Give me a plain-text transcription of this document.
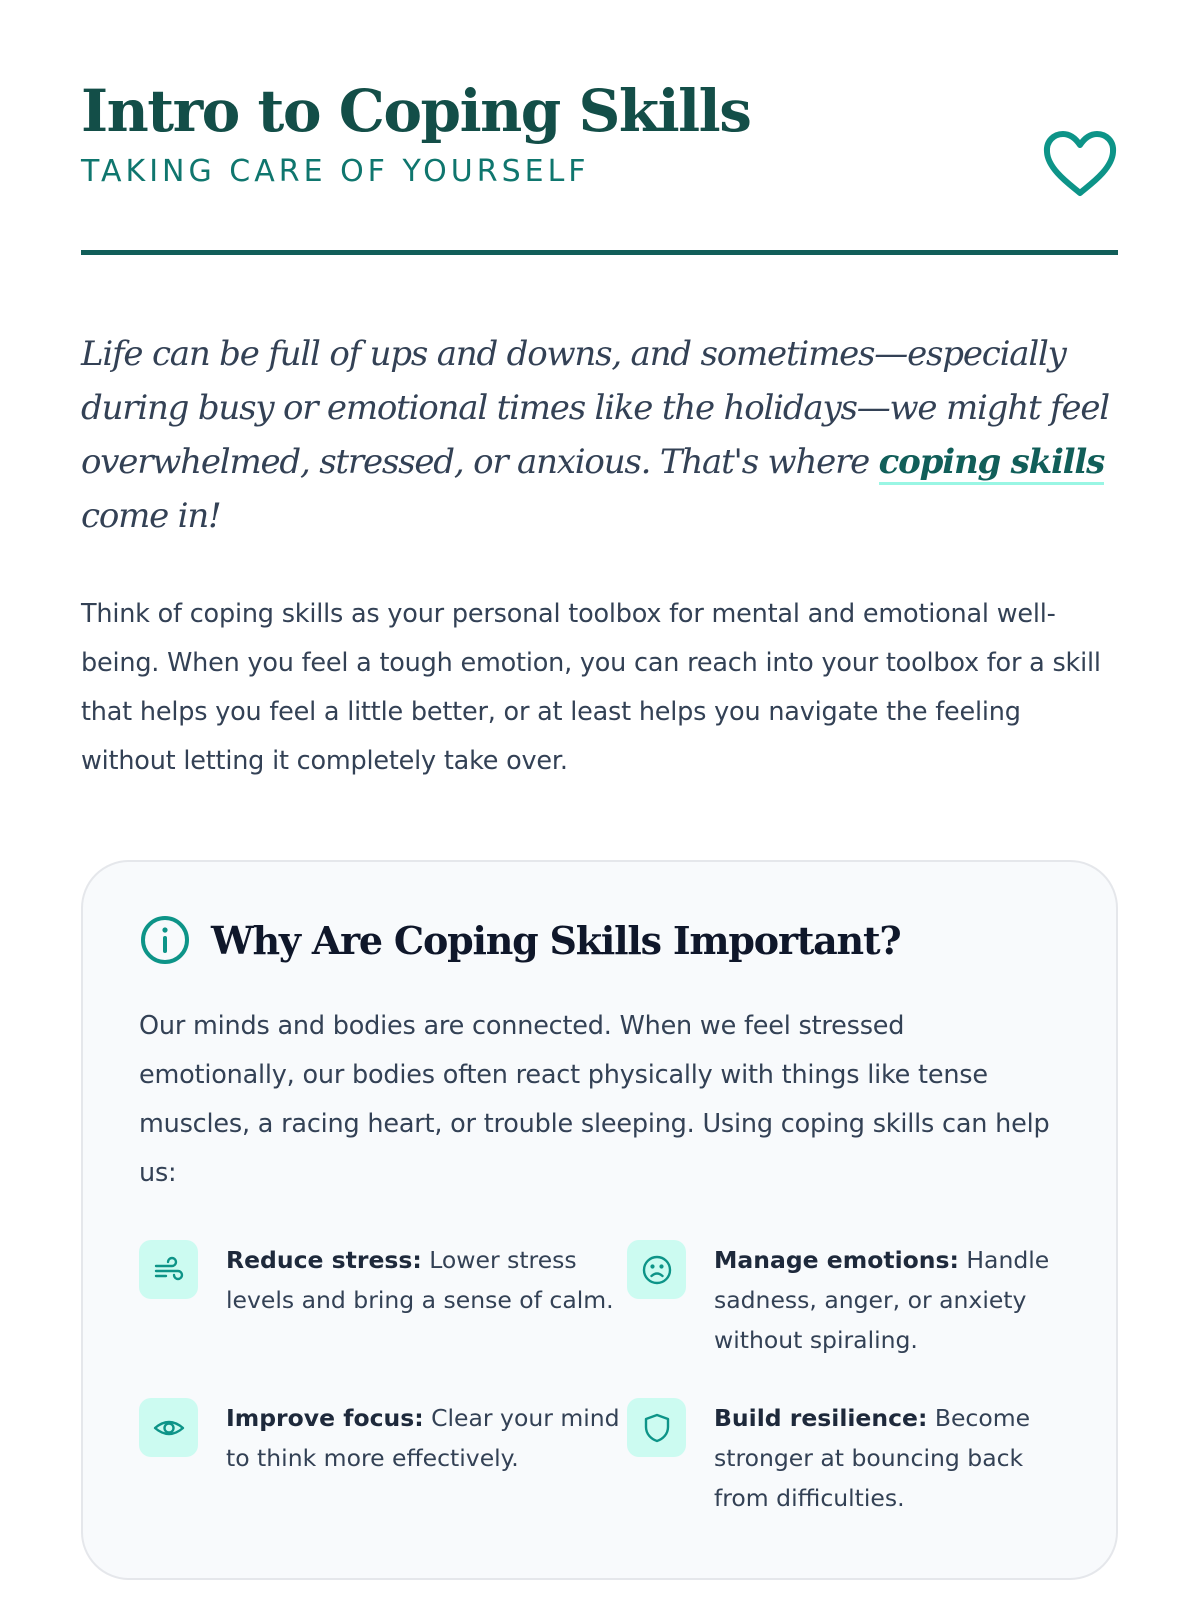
Intro to Coping Skills
TAKING CARE OF YOURSELF

Life can be full of ups and downs, and sometimes—especially during busy or emotional times like the holidays—we might feel overwhelmed, stressed, or anxious. That's where coping skills come in!

Think of coping skills as your personal toolbox for mental and emotional well-being. When you feel a tough emotion, you can reach into your toolbox for a skill that helps you feel a little better, or at least helps you navigate the feeling without letting it completely take over.

Why Are Coping Skills Important?

Our minds and bodies are connected. When we feel stressed emotionally, our bodies often react physically with things like tense muscles, a racing heart, or trouble sleeping. Using coping skills can help us:

Reduce stress: Lower stress levels and bring a sense of calm.
Manage emotions: Handle sadness, anger, or anxiety without spiraling.
Improve focus: Clear your mind to think more effectively.
Build resilience: Become stronger at bouncing back from difficulties.
